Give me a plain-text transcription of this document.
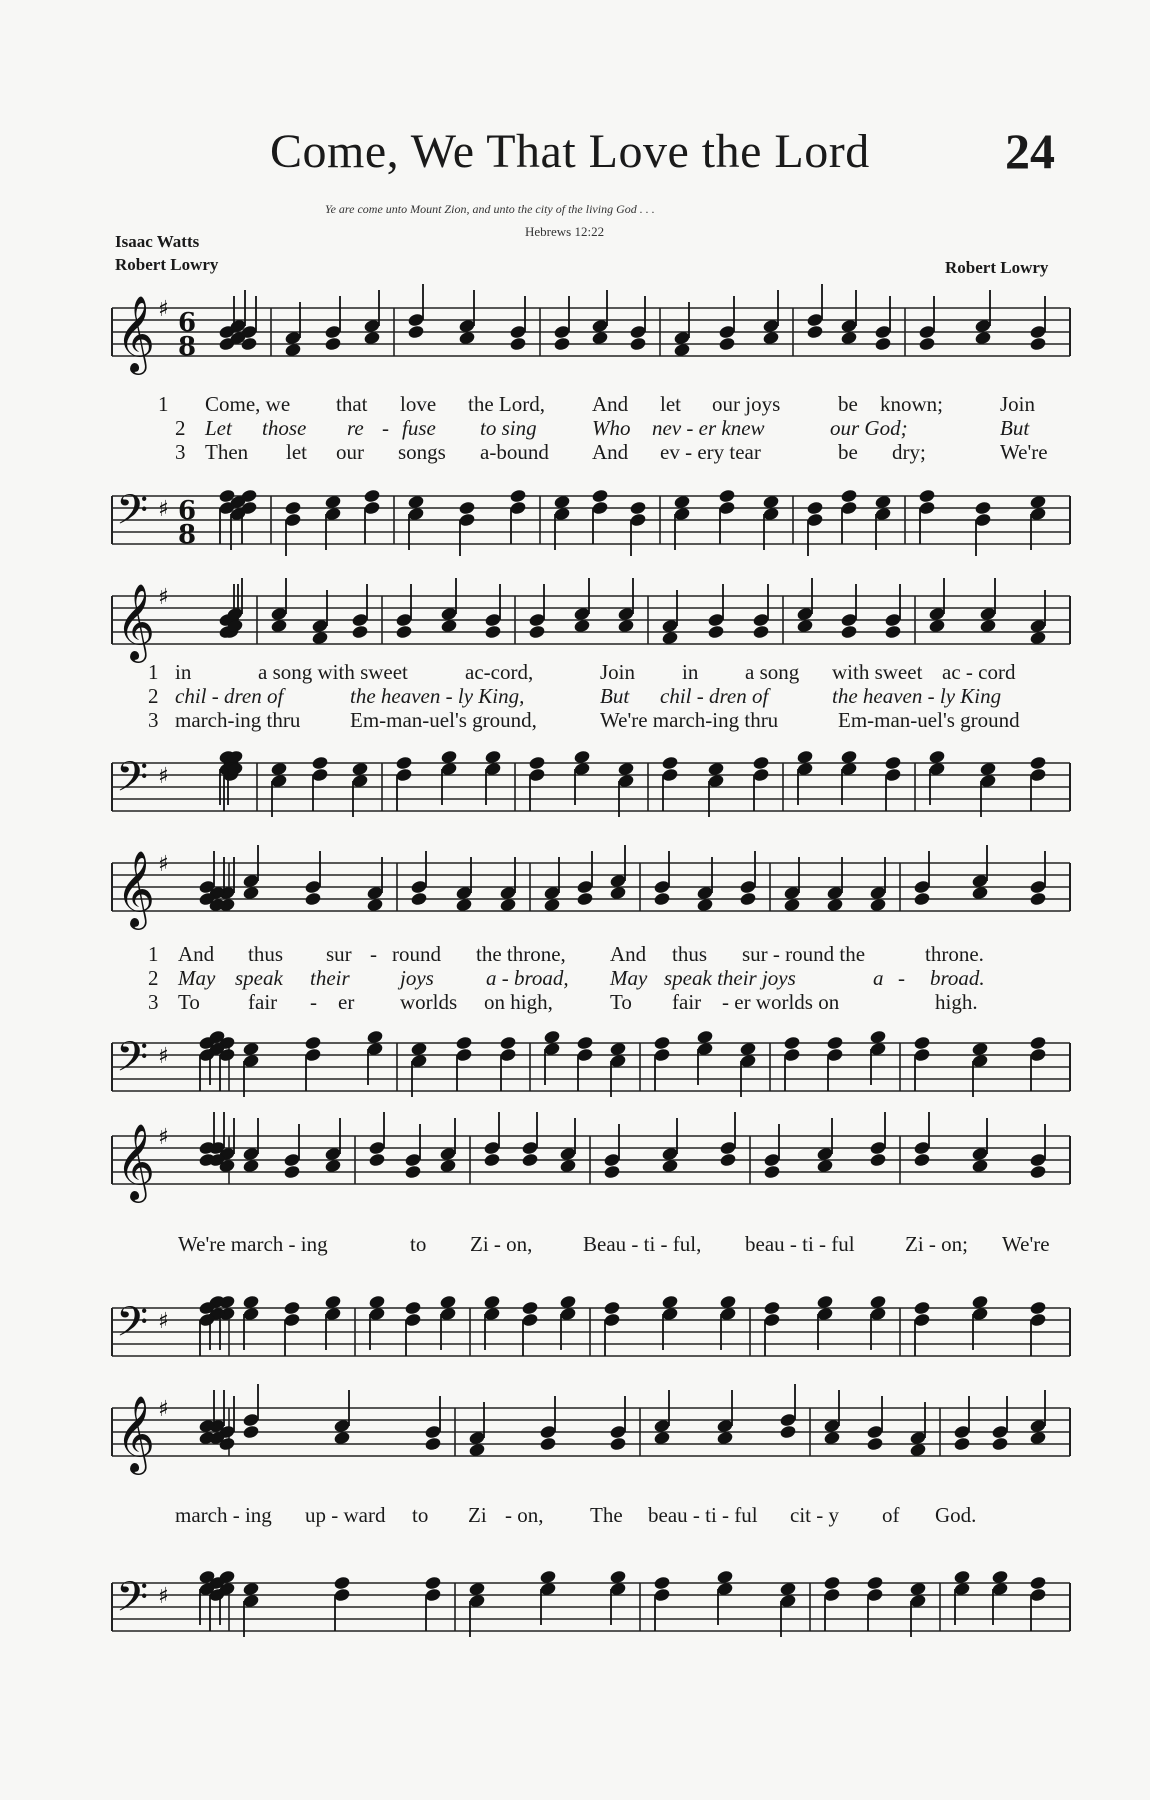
Come, We That Love the Lord	24
Ye are come unto Mount Zion, and unto the city of the living God . . .
Hebrews 12:22
Isaac Watts
Robert Lowry	Robert Lowry
𝄞 ♯ 6
8
1 Come, we that love the Lord, And let our joys	be known;	Join
2 Let those re - fuse to sing	Who nev - er knew	our God;	But
3 Then let our songs a-bound And ev - ery tear	be dry;	We're
𝄢 ♯ 6
8
𝄞 ♯
1 in	a song with sweet	ac-cord,	Join in a song with sweet ac - cord
2 chil - dren of	the heaven - ly King,	But chil - dren of	the heaven - ly King
3 march-ing thru Em-man-uel's ground,	We're march-ing thru	Em-man-uel's ground
𝄢 ♯
𝄞 ♯
1 And thus sur - round the throne, And thus sur - round the	throne.
2 May speak their joys a - broad, May speak their joys	a - broad.
3 To fair - er worlds on high,	To fair - er worlds on	high.
𝄢 ♯
𝄞 ♯
We're march - ing	to Zi - on, Beau - ti - ful, beau - ti - ful Zi - on; We're
𝄢 ♯
𝄞 ♯
march - ing up - ward to Zi - on, The beau - ti - ful cit - y of God.
𝄢 ♯
